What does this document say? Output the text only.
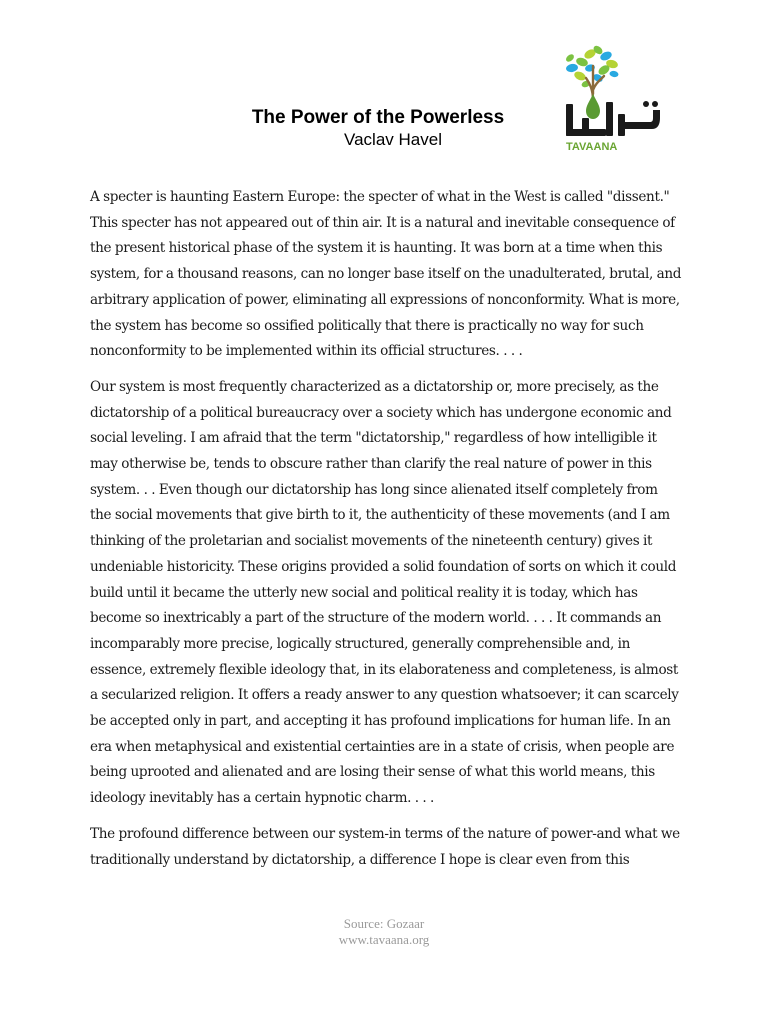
The Power of the Powerless
Vaclav Havel	TAVAANA

A specter is haunting Eastern Europe: the specter of what in the West is called "dissent." This specter has not appeared out of thin air. It is a natural and inevitable consequence of the present historical phase of the system it is haunting. It was born at a time when this system, for a thousand reasons, can no longer base itself on the unadulterated, brutal, and arbitrary application of power, eliminating all expressions of nonconformity. What is more, the system has become so ossified politically that there is practically no way for such nonconformity to be implemented within its official structures. . . .

Our system is most frequently characterized as a dictatorship or, more precisely, as the dictatorship of a political bureaucracy over a society which has undergone economic and social leveling. I am afraid that the term "dictatorship," regardless of how intelligible it may otherwise be, tends to obscure rather than clarify the real nature of power in this system. . . Even though our dictatorship has long since alienated itself completely from the social movements that give birth to it, the authenticity of these movements (and I am thinking of the proletarian and socialist movements of the nineteenth century) gives it undeniable historicity. These origins provided a solid foundation of sorts on which it could build until it became the utterly new social and political reality it is today, which has become so inextricably a part of the structure of the modern world. . . . It commands an incomparably more precise, logically structured, generally comprehensible and, in essence, extremely flexible ideology that, in its elaborateness and completeness, is almost a secularized religion. It offers a ready answer to any question whatsoever; it can scarcely be accepted only in part, and accepting it has profound implications for human life. In an era when metaphysical and existential certainties are in a state of crisis, when people are being uprooted and alienated and are losing their sense of what this world means, this ideology inevitably has a certain hypnotic charm. . . .

The profound difference between our system-in terms of the nature of power-and what we traditionally understand by dictatorship, a difference I hope is clear even from this

Source: Gozaar
www.tavaana.org
